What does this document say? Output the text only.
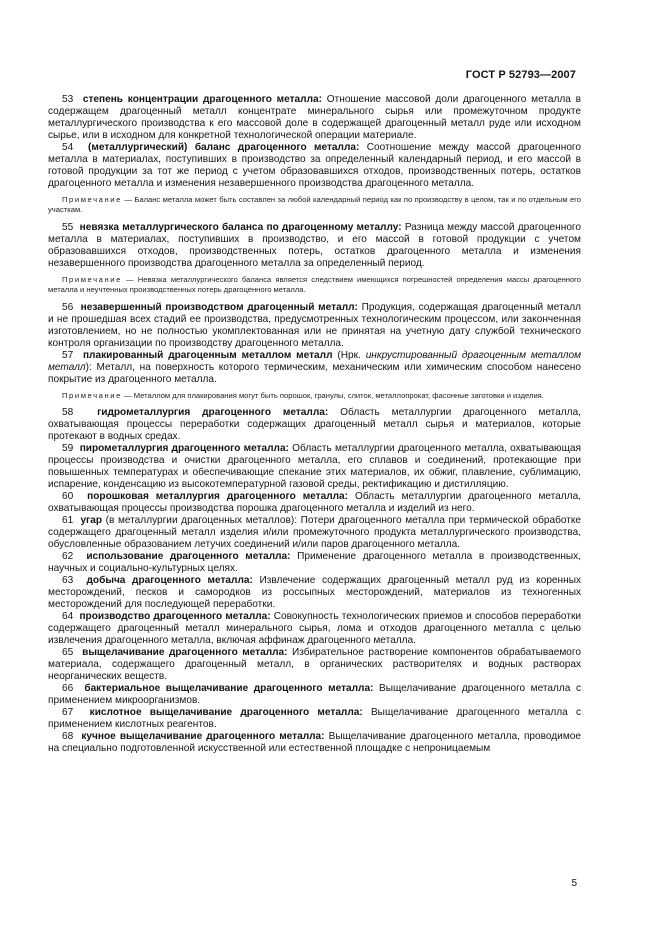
ГОСТ Р 52793—2007

53 степень концентрации драгоценного металла: Отношение массовой доли драгоценного металла в содержащем драгоценный металл концентрате минерального сырья или промежуточном продукте металлургического производства к его массовой доле в содержащей драгоценный металл руде или исходном сырье, или в исходном для конкретной технологической операции материале.

54 (металлургический) баланс драгоценного металла: Соотношение между массой драгоценного металла в материалах, поступивших в производство за определенный календарный период, и его массой в готовой продукции за тот же период с учетом образовавшихся отходов, производственных потерь, остатков драгоценного металла и изменения незавершенного производства драгоценного металла.

Примечание — Баланс металла может быть составлен за любой календарный период как по производству в целом, так и по отдельным его участкам.

55 невязка металлургического баланса по драгоценному металлу: Разница между массой драгоценного металла в материалах, поступивших в производство, и его массой в готовой продукции с учетом образовавшихся отходов, производственных потерь, остатков драгоценного металла и изменения незавершенного производства драгоценного металла за определенный период.

Примечание — Невязка металлургического баланса является следствием имеющихся погрешностей определения массы драгоценного металла и неучтенных производственных потерь драгоценного металла.

56 незавершенный производством драгоценный металл: Продукция, содержащая драгоценный металл и не прошедшая всех стадий ее производства, предусмотренных технологическим процессом, или законченная изготовлением, но не полностью укомплектованная или не принятая на учетную дату службой технического контроля организации по производству драгоценного металла.

57 плакированный драгоценным металлом металл (Нрк. инкрустированный драгоценным металлом металл): Металл, на поверхность которого термическим, механическим или химическим способом нанесено покрытие из драгоценного металла.

Примечание — Металлом для плакирования могут быть порошок, гранулы, слиток, металлопрокат, фасонные заготовки и изделия.

58 гидрометаллургия драгоценного металла: Область металлургии драгоценного металла, охватывающая процессы переработки содержащих драгоценный металл сырья и материалов, которые протекают в водных средах.

59 пирометаллургия драгоценного металла: Область металлургии драгоценного металла, охватывающая процессы производства и очистки драгоценного металла, его сплавов и соединений, протекающие при повышенных температурах и обеспечивающие спекание этих материалов, их обжиг, плавление, сублимацию, испарение, конденсацию из высокотемпературной газовой среды, ректификацию и дистилляцию.

60 порошковая металлургия драгоценного металла: Область металлургии драгоценного металла, охватывающая процессы производства порошка драгоценного металла и изделий из него.

61 угар (в металлургии драгоценных металлов): Потери драгоценного металла при термической обработке содержащего драгоценный металл изделия и/или промежуточного продукта металлургического производства, обусловленные образованием летучих соединений и/или паров драгоценного металла.

62 использование драгоценного металла: Применение драгоценного металла в производственных, научных и социально-культурных целях.

63 добыча драгоценного металла: Извлечение содержащих драгоценный металл руд из коренных месторождений, песков и самородков из россыпных месторождений, материалов из техногенных месторождений для последующей переработки.

64 производство драгоценного металла: Совокупность технологических приемов и способов переработки содержащего драгоценный металл минерального сырья, лома и отходов драгоценного металла с целью извлечения драгоценного металла, включая аффинаж драгоценного металла.

65 выщелачивание драгоценного металла: Избирательное растворение компонентов обрабатываемого материала, содержащего драгоценный металл, в органических растворителях и водных растворах неорганических веществ.

66 бактериальное выщелачивание драгоценного металла: Выщелачивание драгоценного металла с применением микроорганизмов.

67 кислотное выщелачивание драгоценного металла: Выщелачивание драгоценного металла с применением кислотных реагентов.

68 кучное выщелачивание драгоценного металла: Выщелачивание драгоценного металла, проводимое на специально подготовленной искусственной или естественной площадке с непроницаемым

5
